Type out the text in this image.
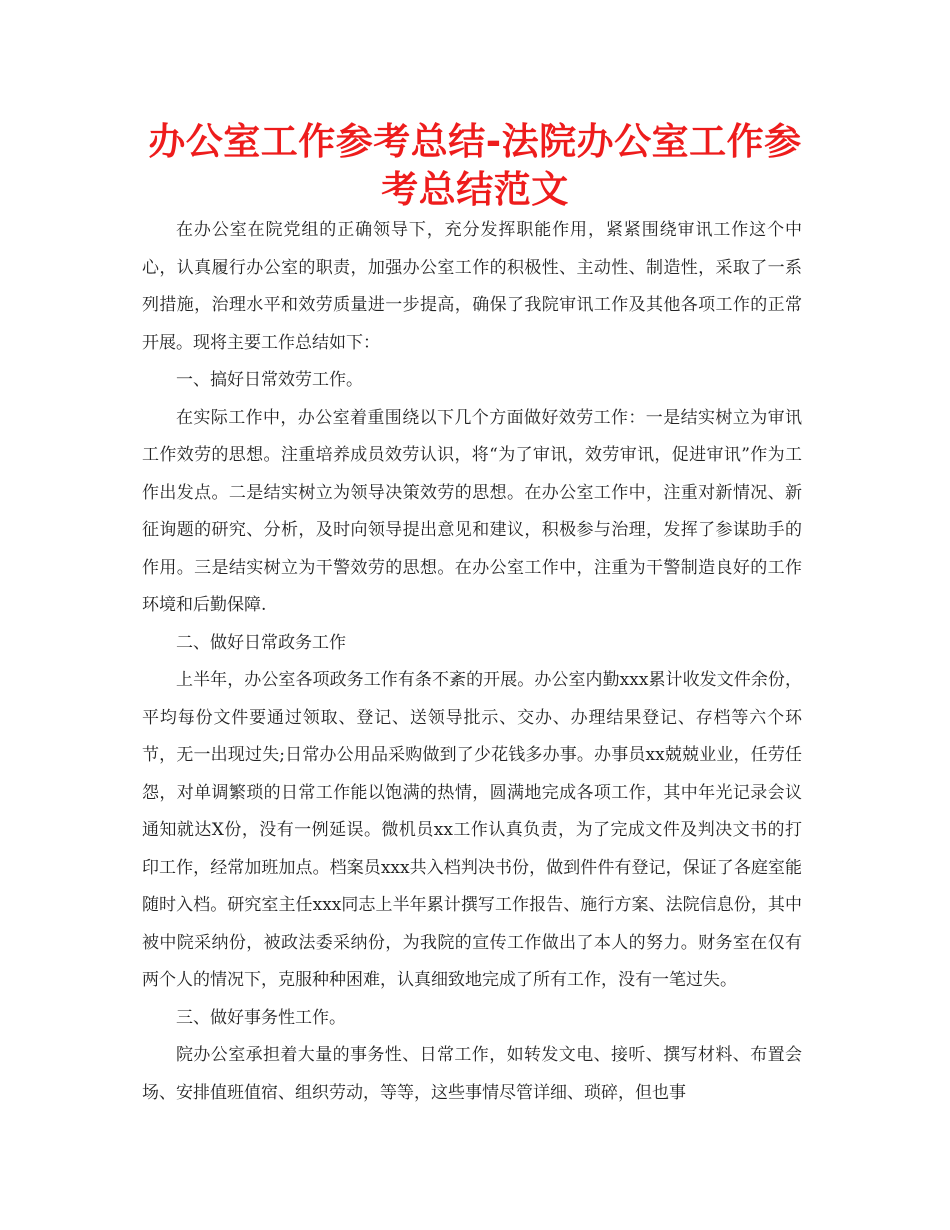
办公室工作参考总结-法院办公室工作参考总结范文

在办公室在院党组的正确领导下，充分发挥职能作用，紧紧围绕审讯工作这个中心，认真履行办公室的职责，加强办公室工作的积极性、主动性、制造性，采取了一系列措施，治理水平和效劳质量进一步提高，确保了我院审讯工作及其他各项工作的正常开展。现将主要工作总结如下：

一、搞好日常效劳工作。

在实际工作中，办公室着重围绕以下几个方面做好效劳工作：一是结实树立为审讯工作效劳的思想。注重培养成员效劳认识，将“为了审讯，效劳审讯，促进审讯”作为工作出发点。二是结实树立为领导决策效劳的思想。在办公室工作中，注重对新情况、新征询题的研究、分析，及时向领导提出意见和建议，积极参与治理，发挥了参谋助手的作用。三是结实树立为干警效劳的思想。在办公室工作中，注重为干警制造良好的工作环境和后勤保障.

二、做好日常政务工作

上半年，办公室各项政务工作有条不紊的开展。办公室内勤xxx累计收发文件余份，平均每份文件要通过领取、登记、送领导批示、交办、办理结果登记、存档等六个环节，无一出现过失;日常办公用品采购做到了少花钱多办事。办事员xx兢兢业业，任劳任怨，对单调繁琐的日常工作能以饱满的热情，圆满地完成各项工作，其中年光记录会议通知就达X份，没有一例延误。微机员xx工作认真负责，为了完成文件及判决文书的打印工作，经常加班加点。档案员xxx共入档判决书份，做到件件有登记，保证了各庭室能随时入档。研究室主任xxx同志上半年累计撰写工作报告、施行方案、法院信息份，其中被中院采纳份，被政法委采纳份，为我院的宣传工作做出了本人的努力。财务室在仅有两个人的情况下，克服种种困难，认真细致地完成了所有工作，没有一笔过失。

三、做好事务性工作。

院办公室承担着大量的事务性、日常工作，如转发文电、接听、撰写材料、布置会场、安排值班值宿、组织劳动，等等，这些事情尽管详细、琐碎，但也事
